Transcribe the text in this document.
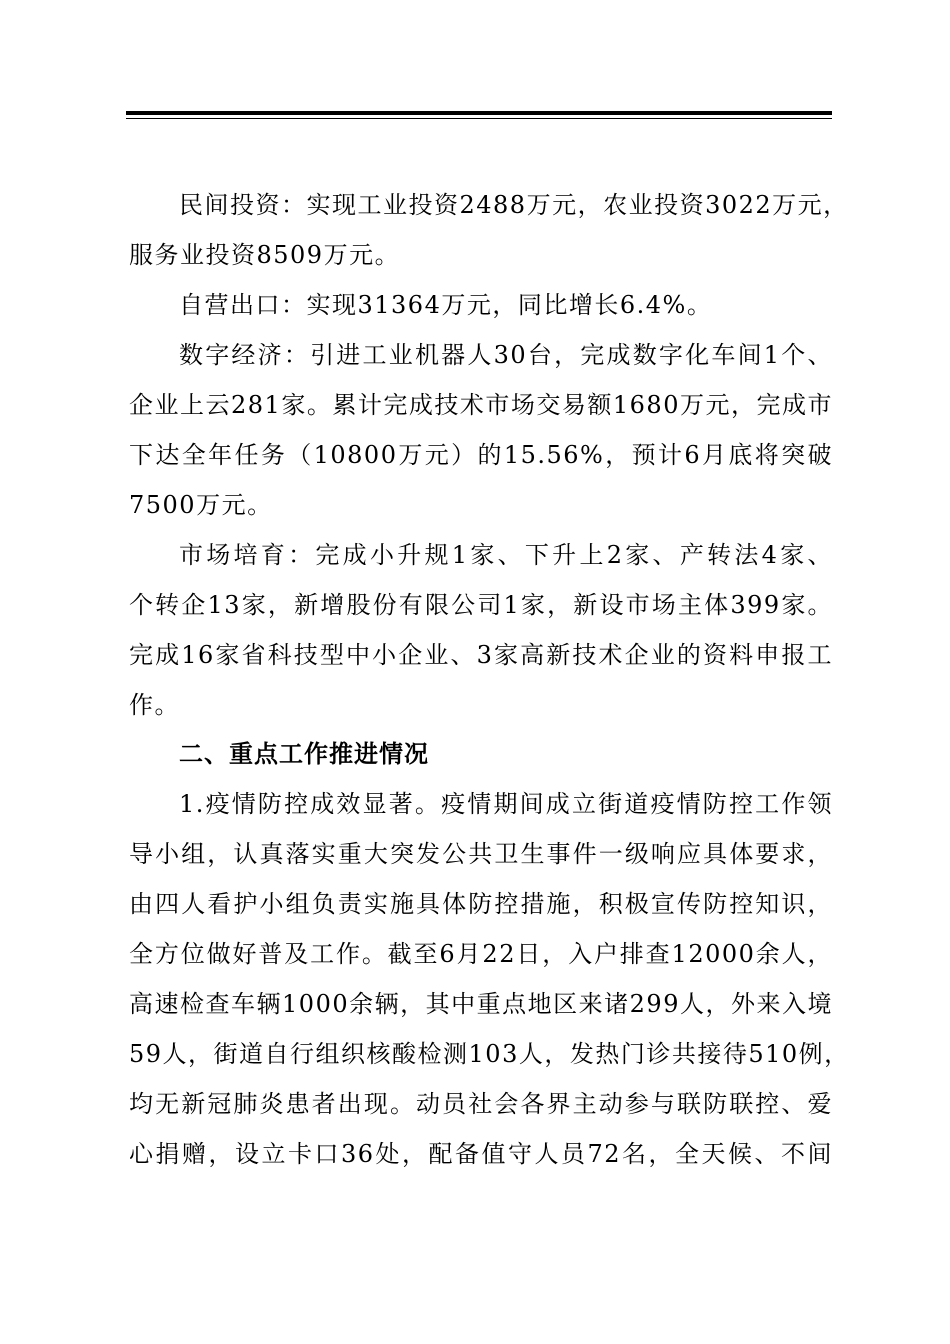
民间投资：实现工业投资2488万元，农业投资3022万元，
服务业投资8509万元。
自营出口：实现31364万元，同比增长6.4%。
数字经济：引进工业机器人30台，完成数字化车间1个、
企业上云281家。累计完成技术市场交易额1680万元，完成市
下达全年任务（10800万元）的15.56%，预计6月底将突破
7500万元。
市场培育：完成小升规1家、下升上2家、产转法4家、
个转企13家，新增股份有限公司1家，新设市场主体399家。
完成16家省科技型中小企业、3家高新技术企业的资料申报工
作。
二、重点工作推进情况
1.疫情防控成效显著。疫情期间成立街道疫情防控工作领
导小组，认真落实重大突发公共卫生事件一级响应具体要求，
由四人看护小组负责实施具体防控措施，积极宣传防控知识，
全方位做好普及工作。截至6月22日，入户排查12000余人，
高速检查车辆1000余辆，其中重点地区来诸299人，外来入境
59人，街道自行组织核酸检测103人，发热门诊共接待510例，
均无新冠肺炎患者出现。动员社会各界主动参与联防联控、爱
心捐赠，设立卡口36处，配备值守人员72名，全天候、不间
